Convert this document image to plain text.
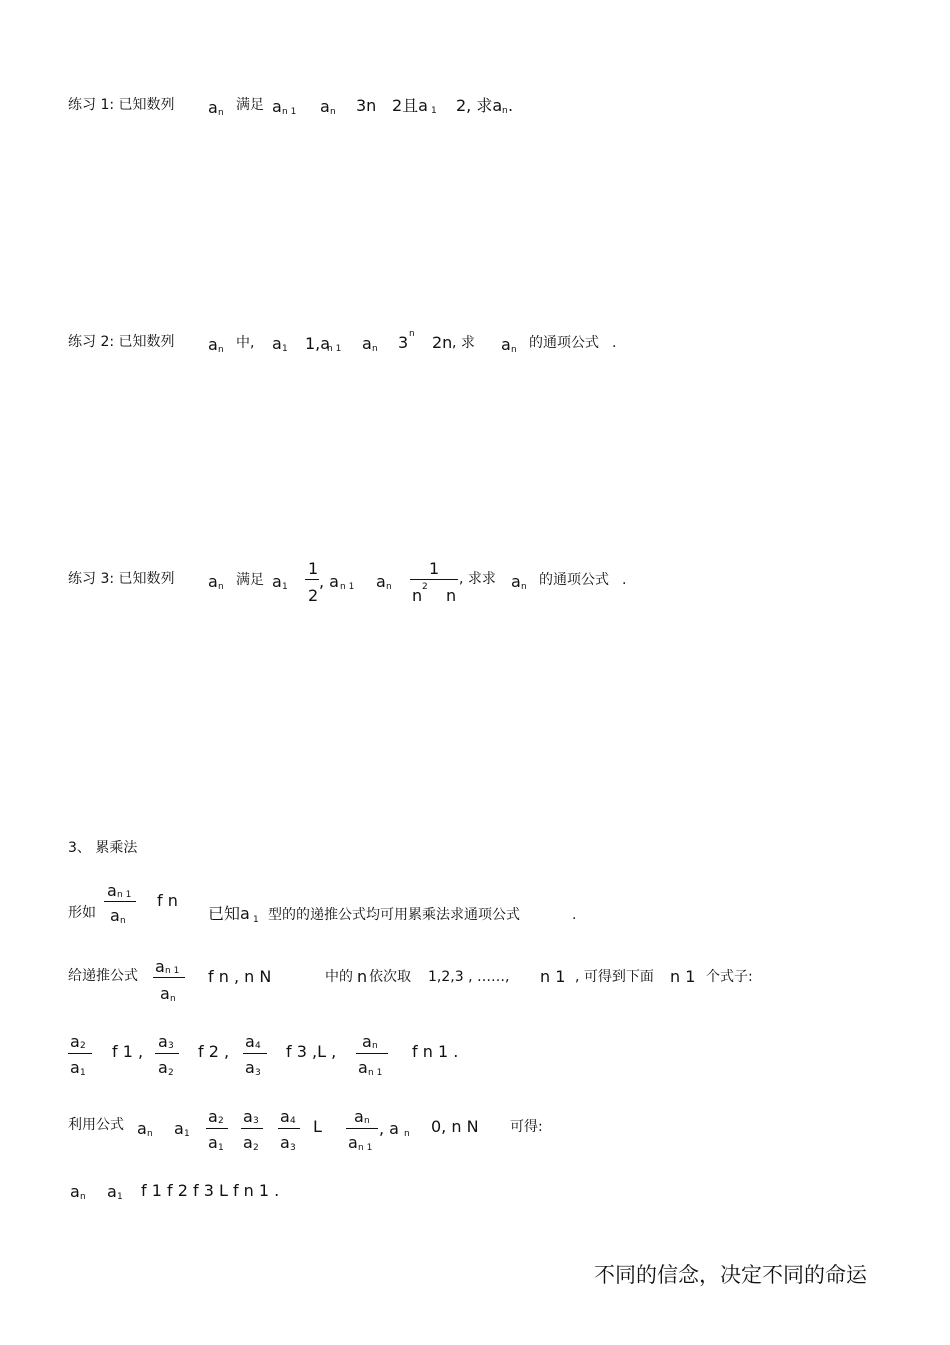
练习 1: 已知数列 a n 满足 a n 1 a n 3n 2且a 1 2, 求a n .
练习 2: 已知数列 a n 中, a 1 1,a
n 1 a n 3 n 2n , 求 a n 的通项公式 .
练习 3: 已知数列 a n 满足 a 1
1
2
, a n 1 a n
1
n 2 n
, 求求 a n 的通项公式 .
3、 累乘法
形如
a n 1
a n
f n
已知a 1 型的的递推公式均可用累乘法求通项公式	.
给递推公式 a n 1
a n
f n , n N	中的 n 依次取 1,2,3 , ……, n 1 , 可得到下面 n 1 个式子:
a 2
a 1
f 1 ,
a 3
a 2
f 2 ,
a 4
a 3
f 3 ,L ,
a n
a n 1
f n 1 .
利用公式 a n a 1
a 2
a 1
a 3
a 2
a 4
a 3
L
a n
a n 1
, a n 0, n N 可得:
a n a 1 f 1 f 2 f 3 L f n 1 .
不同的信念，决定不同的命运
